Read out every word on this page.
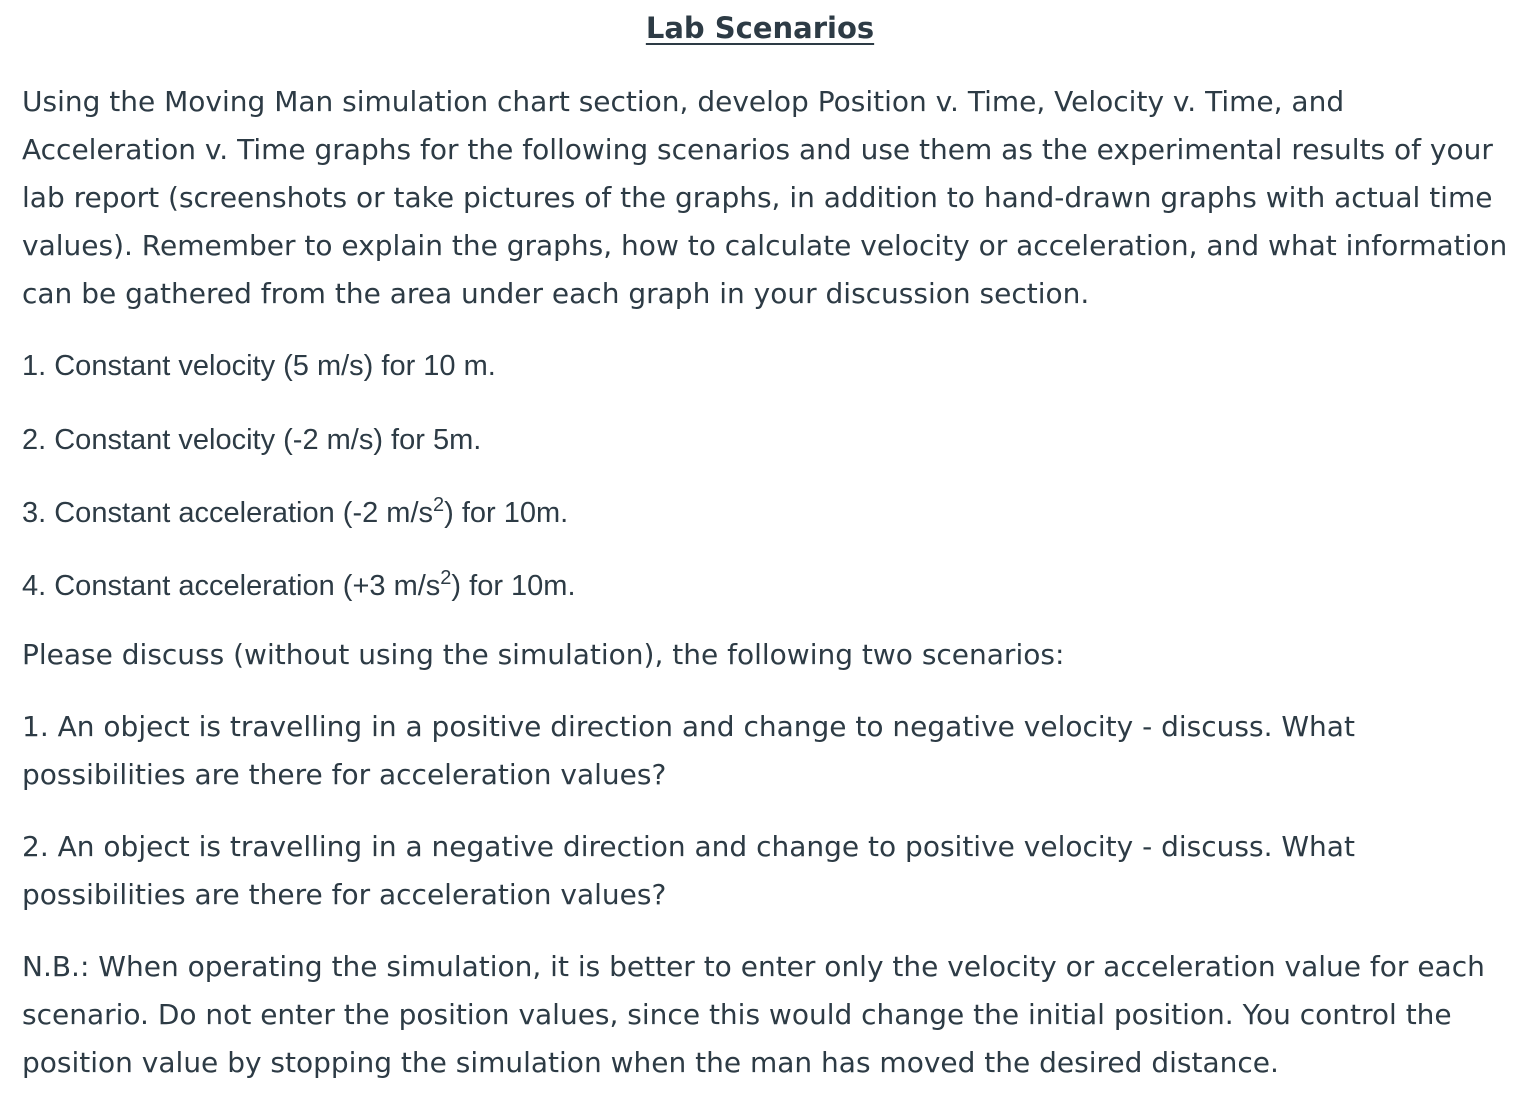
Lab Scenarios

Using the Moving Man simulation chart section, develop Position v. Time, Velocity v. Time, and Acceleration v. Time graphs for the following scenarios and use them as the experimental results of your lab report (screenshots or take pictures of the graphs, in addition to hand-drawn graphs with actual time values). Remember to explain the graphs, how to calculate velocity or acceleration, and what information can be gathered from the area under each graph in your discussion section.

1. Constant velocity (5 m/s) for 10 m.

2. Constant velocity (-2 m/s) for 5m.

3. Constant acceleration (-2 $m/s^2$) for 10m.

4. Constant acceleration (+3 $m/s^2$) for 10m.

Please discuss (without using the simulation), the following two scenarios:

1. An object is travelling in a positive direction and change to negative velocity - discuss. What possibilities are there for acceleration values?

2. An object is travelling in a negative direction and change to positive velocity - discuss. What possibilities are there for acceleration values?

N.B.: When operating the simulation, it is better to enter only the velocity or acceleration value for each scenario. Do not enter the position values, since this would change the initial position. You control the position value by stopping the simulation when the man has moved the desired distance.
